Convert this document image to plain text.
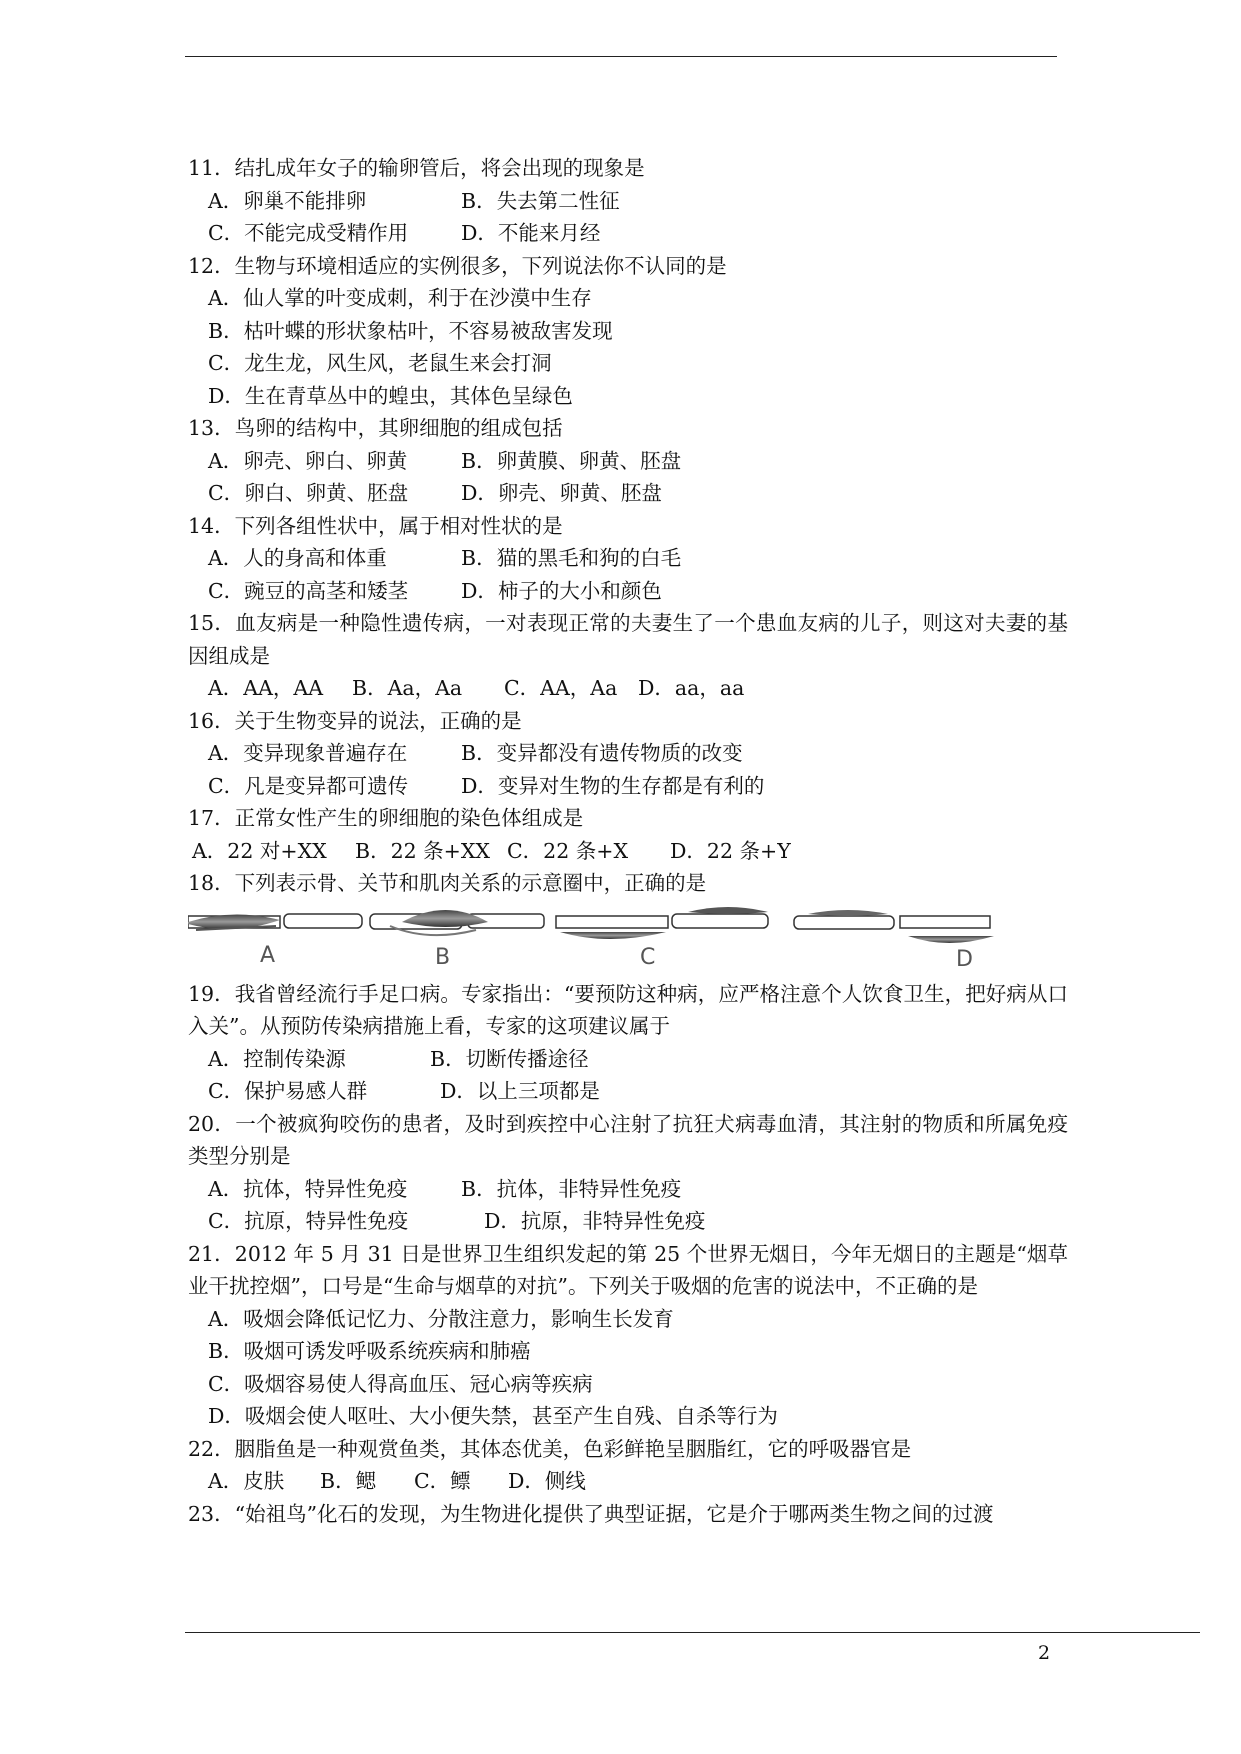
11．结扎成年女子的输卵管后，将会出现的现象是

A．卵巢不能排卵	B．失去第二性征

C．不能完成受精作用	D．不能来月经

12．生物与环境相适应的实例很多，下列说法你不认同的是

A．仙人掌的叶变成刺，利于在沙漠中生存

B．枯叶蝶的形状象枯叶，不容易被敌害发现

C．龙生龙，风生风，老鼠生来会打洞

D．生在青草丛中的蝗虫，其体色呈绿色

13．鸟卵的结构中，其卵细胞的组成包括

A．卵壳、卵白、卵黄	B．卵黄膜、卵黄、胚盘

C．卵白、卵黄、胚盘	D．卵壳、卵黄、胚盘

14．下列各组性状中，属于相对性状的是

A．人的身高和体重	B．猫的黑毛和狗的白毛

C．豌豆的高茎和矮茎	D．柿子的大小和颜色

15．血友病是一种隐性遗传病，一对表现正常的夫妻生了一个患血友病的儿子，则这对夫妻的基因组成是

A．AA，AA B．Aa，Aa C．AA，Aa D．aa，aa

16．关于生物变异的说法，正确的是

A．变异现象普遍存在	B．变异都没有遗传物质的改变

C．凡是变异都可遗传	D．变异对生物的生存都是有利的

17．正常女性产生的卵细胞的染色体组成是

A．22 对+XX B．22 条+XX C．22 条+X D．22 条+Y

18．下列表示骨、关节和肌肉关系的示意圈中，正确的是

A	B	C	D

19．我省曾经流行手足口病。专家指出：“要预防这种病，应严格注意个人饮食卫生，把好病从口入关”。从预防传染病措施上看，专家的这项建议属于

A．控制传染源	B．切断传播途径

C．保护易感人群	D．以上三项都是

20．一个被疯狗咬伤的患者，及时到疾控中心注射了抗狂犬病毒血清，其注射的物质和所属免疫类型分别是

A．抗体，特异性免疫	B．抗体，非特异性免疫

C．抗原，特异性免疫	D．抗原，非特异性免疫

21．2012 年 5 月 31 日是世界卫生组织发起的第 25 个世界无烟日，今年无烟日的主题是“烟草业干扰控烟”，口号是“生命与烟草的对抗”。下列关于吸烟的危害的说法中，不正确的是

A．吸烟会降低记忆力、分散注意力，影响生长发育

B．吸烟可诱发呼吸系统疾病和肺癌

C．吸烟容易使人得高血压、冠心病等疾病

D．吸烟会使人呕吐、大小便失禁，甚至产生自残、自杀等行为

22．胭脂鱼是一种观赏鱼类，其体态优美，色彩鲜艳呈胭脂红，它的呼吸器官是

A．皮肤 B．鳃 C．鳔 D．侧线

23．“始祖鸟”化石的发现，为生物进化提供了典型证据，它是介于哪两类生物之间的过渡

2
